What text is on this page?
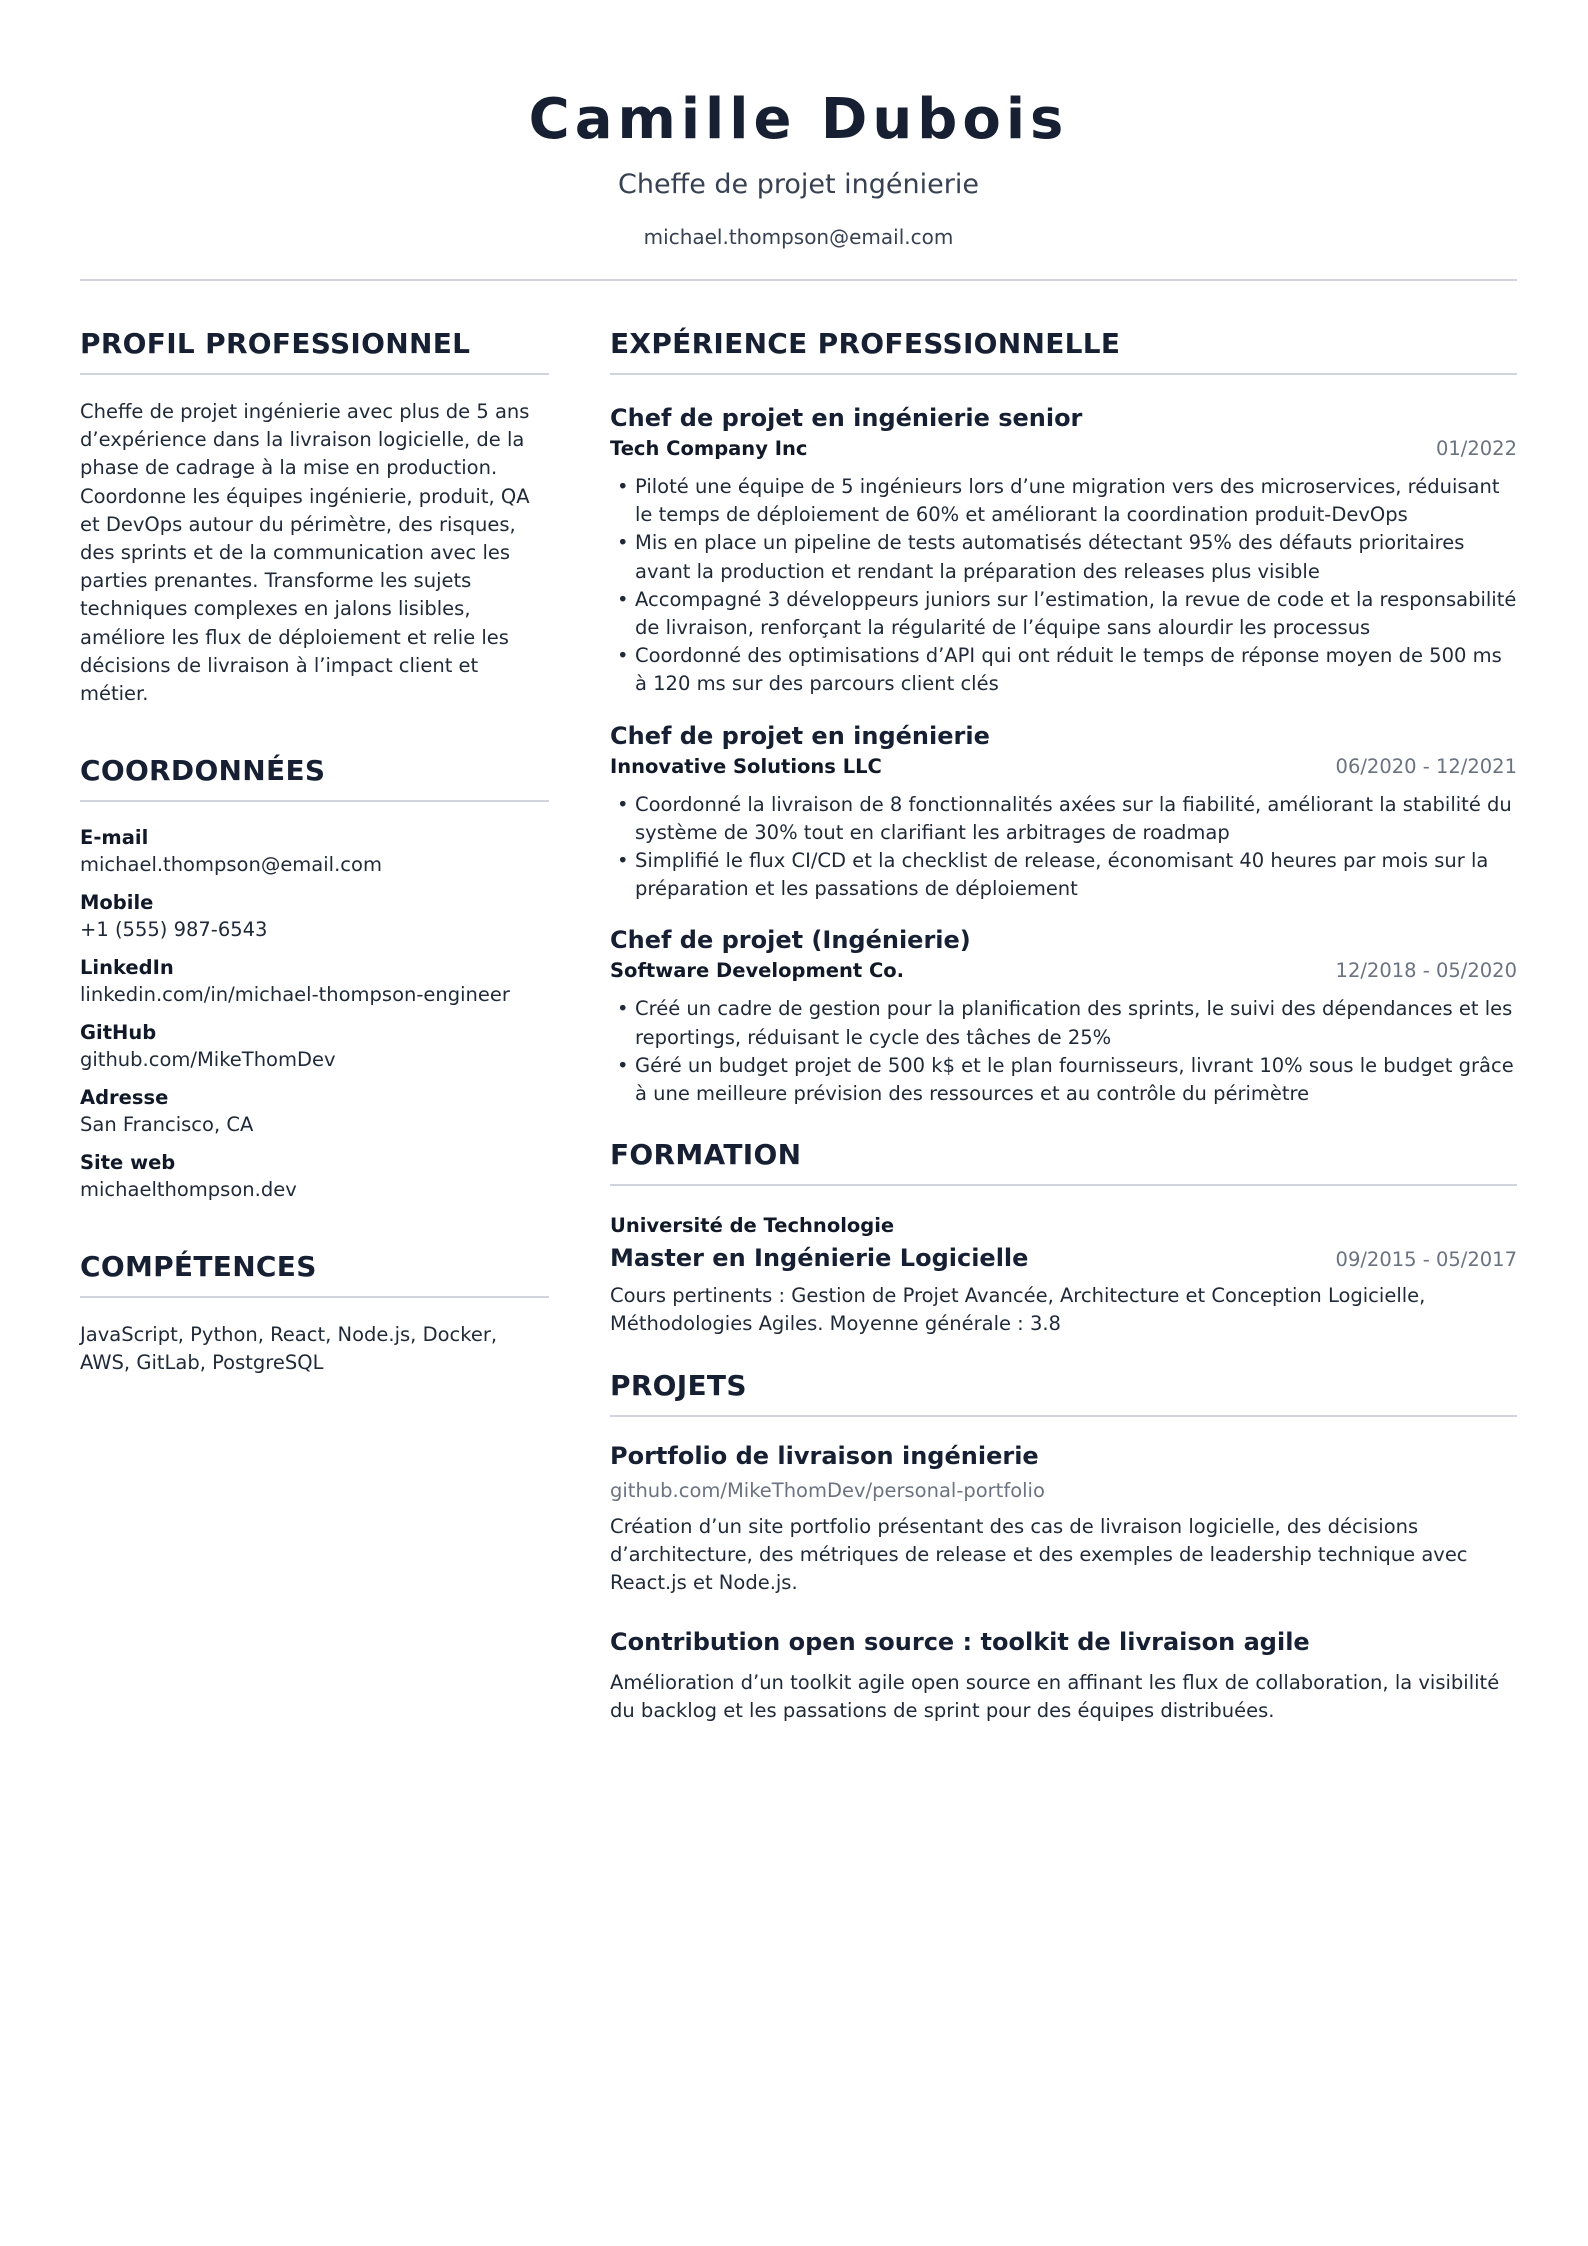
Camille Dubois
Cheffe de projet ingénierie
michael.thompson@email.com
PROFIL PROFESSIONNEL

Cheffe de projet ingénierie avec plus de 5 ans d’expérience dans la livraison logicielle, de la phase de cadrage à la mise en production. Coordonne les équipes ingénierie, produit, QA et DevOps autour du périmètre, des risques, des sprints et de la communication avec les parties prenantes. Transforme les sujets techniques complexes en jalons lisibles, améliore les flux de déploiement et relie les décisions de livraison à l’impact client et métier.

COORDONNÉES
E-mail
michael.thompson@email.com
Mobile
+1 (555) 987-6543
LinkedIn
linkedin.com/in/michael-thompson-engineer
GitHub
github.com/MikeThomDev
Adresse
San Francisco, CA
Site web
michaelthompson.dev
COMPÉTENCES

JavaScript, Python, React, Node.js, Docker, AWS, GitLab, PostgreSQL

EXPÉRIENCE PROFESSIONNELLE
Chef de projet en ingénierie senior
Tech Company Inc	01/2022
• Piloté une équipe de 5 ingénieurs lors d’une migration vers des microservices, réduisant le temps de déploiement de 60% et améliorant la coordination produit-DevOps
• Mis en place un pipeline de tests automatisés détectant 95% des défauts prioritaires avant la production et rendant la préparation des releases plus visible
• Accompagné 3 développeurs juniors sur l’estimation, la revue de code et la responsabilité de livraison, renforçant la régularité de l’équipe sans alourdir les processus
• Coordonné des optimisations d’API qui ont réduit le temps de réponse moyen de 500 ms à 120 ms sur des parcours client clés
Chef de projet en ingénierie
Innovative Solutions LLC	06/2020 - 12/2021
• Coordonné la livraison de 8 fonctionnalités axées sur la fiabilité, améliorant la stabilité du système de 30% tout en clarifiant les arbitrages de roadmap
• Simplifié le flux CI/CD et la checklist de release, économisant 40 heures par mois sur la préparation et les passations de déploiement
Chef de projet (Ingénierie)
Software Development Co.	12/2018 - 05/2020
• Créé un cadre de gestion pour la planification des sprints, le suivi des dépendances et les reportings, réduisant le cycle des tâches de 25%
• Géré un budget projet de 500 k$ et le plan fournisseurs, livrant 10% sous le budget grâce à une meilleure prévision des ressources et au contrôle du périmètre
FORMATION
Université de Technologie
Master en Ingénierie Logicielle	09/2015 - 05/2017

Cours pertinents : Gestion de Projet Avancée, Architecture et Conception Logicielle, Méthodologies Agiles. Moyenne générale : 3.8

PROJETS
Portfolio de livraison ingénierie
github.com/MikeThomDev/personal-portfolio

Création d’un site portfolio présentant des cas de livraison logicielle, des décisions d’architecture, des métriques de release et des exemples de leadership technique avec React.js et Node.js.

Contribution open source : toolkit de livraison agile

Amélioration d’un toolkit agile open source en affinant les flux de collaboration, la visibilité du backlog et les passations de sprint pour des équipes distribuées.
